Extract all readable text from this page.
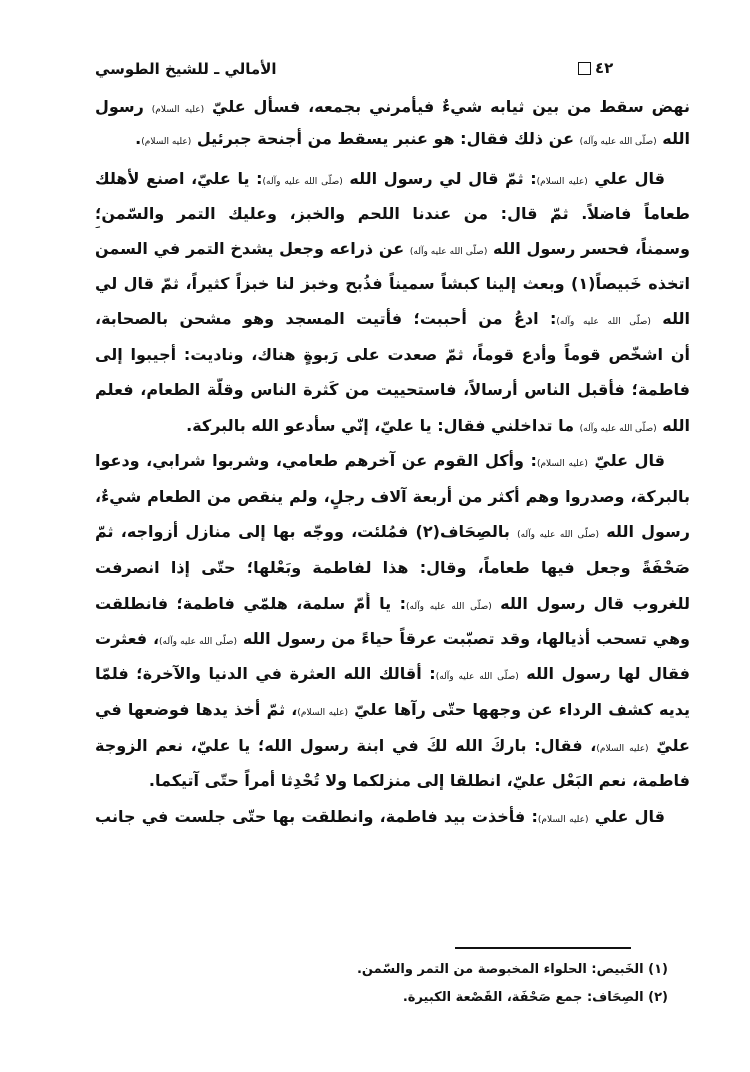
الأمالي ـ للشيخ الطوسي	٤٢
نهض سقط من بين ثيابه شيءٌ فيأمرني بجمعه، فسأل عليّ (عليه السلام) رسول
الله (صلّى الله عليه وآله) عن ذلك فقال: هو عنبر يسقط من أجنحة جبرئيل (عليه السلام).
قال علي (عليه السلام): ثمّ قال لي رسول الله (صلّى الله عليه وآله): يا عليّ، اصنع لأهلك
طعاماً فاضلاً. ثمّ قال: من عندنا اللحم والخبز، وعليك التمر والسّمن؛
وسمناً، فحسر رسول الله (صلّى الله عليه وآله) عن ذراعه وجعل يشدخ التمر في السمن
اتخذه خَبيصاً(١) وبعث إلينا كبشاً سميناً فذُبح وخبز لنا خبزاً كثيراً، ثمّ قال لي
الله (صلّى الله عليه وآله): ادعُ من أحببت؛ فأتيت المسجد وهو مشحن بالصحابة،
أن اشخّص قوماً وأدع قوماً، ثمّ صعدت على رَبوةٍ هناك، وناديت: أجيبوا إلى
فاطمة؛ فأقبل الناس أرسالاً، فاستحييت من كَثرة الناس وقلّة الطعام، فعلم
الله (صلّى الله عليه وآله) ما تداخلني فقال: يا عليّ، إنّي سأدعو الله بالبركة.
قال عليّ (عليه السلام): وأكل القوم عن آخرهم طعامي، وشربوا شرابي، ودعوا
بالبركة، وصدروا وهم أكثر من أربعة آلاف رجلٍ، ولم ينقص من الطعام شيءٌ،
رسول الله (صلّى الله عليه وآله) بالصِحَاف(٢) فمُلئت، ووجّه بها إلى منازل أزواجه، ثمّ
صَحْفَةً وجعل فيها طعاماً، وقال: هذا لفاطمة وبَعْلها؛ حتّى إذا انصرفت
للغروب قال رسول الله (صلّى الله عليه وآله): يا أُمّ سلمة، هلمّي فاطمة؛ فانطلقت
وهي تسحب أذيالها، وقد تصبّبت عرقاً حياءً من رسول الله (صلّى الله عليه وآله)، فعثرت
فقال لها رسول الله (صلّى الله عليه وآله): أقالك الله العثرة في الدنيا والآخرة؛ فلمّا
يديه كشف الرداء عن وجهها حتّى رآها عليّ (عليه السلام)، ثمّ أخذ يدها فوضعها في
عليّ (عليه السلام)، فقال: باركَ الله لكَ في ابنة رسول الله؛ يا عليّ، نعم الزوجة
فاطمة، نعم البَعْل عليّ، انطلقا إلى منزلكما ولا تُحْدِثا أمراً حتّى آتيكما.
قال علي (عليه السلام): فأخذت بيد فاطمة، وانطلقت بها حتّى جلست في جانب
(١) الخَبيص: الحلواء المخبوصة من التمر والسّمن.
(٢) الصِحَاف: جمع صَحْفَة، القَصْعة الكبيرة.
